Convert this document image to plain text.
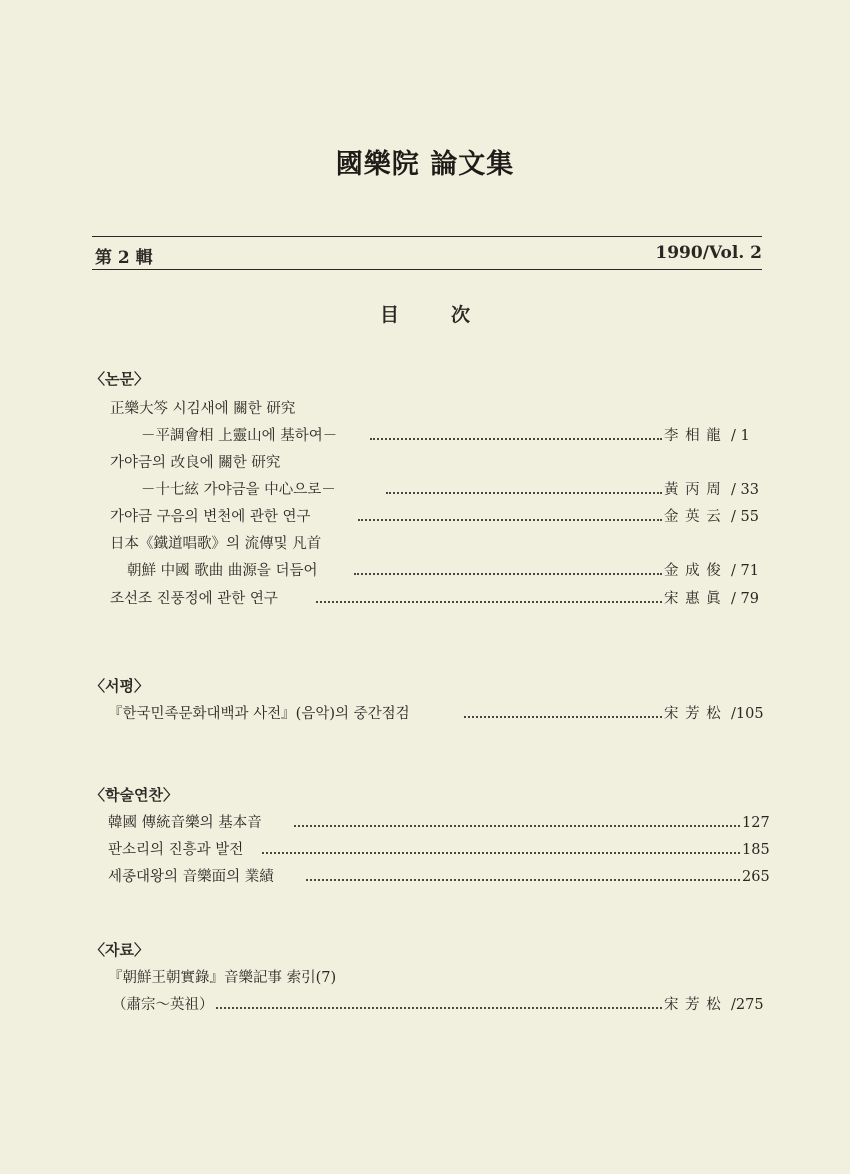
國樂院 論文集
第 2 輯	1990/Vol. 2
目次
〈논문〉
正樂大笒 시김새에 關한 研究
－平調會相 上靈山에 基하여－	李 相 龍 / 1
가야금의 改良에 關한 研究
－十七絃 가야금을 中心으로－	黃 丙 周 / 33
가야금 구음의 변천에 관한 연구	金 英 云 / 55
日本《鐵道唱歌》의 流傳및 凡首
朝鮮 中國 歌曲 曲源을 더듬어	金 成 俊 / 71
조선조 진풍정에 관한 연구	宋 惠 眞 / 79
〈서평〉
『한국민족문화대백과 사전』(음악)의 중간점검	宋 芳 松 /105
〈학술연찬〉
韓國 傳統音樂의 基本音	127
판소리의 진흥과 발전	185
세종대왕의 音樂面의 業績	265
〈자료〉
『朝鮮王朝實錄』音樂記事 索引(7)
（肅宗～英祖）	宋 芳 松 /275
